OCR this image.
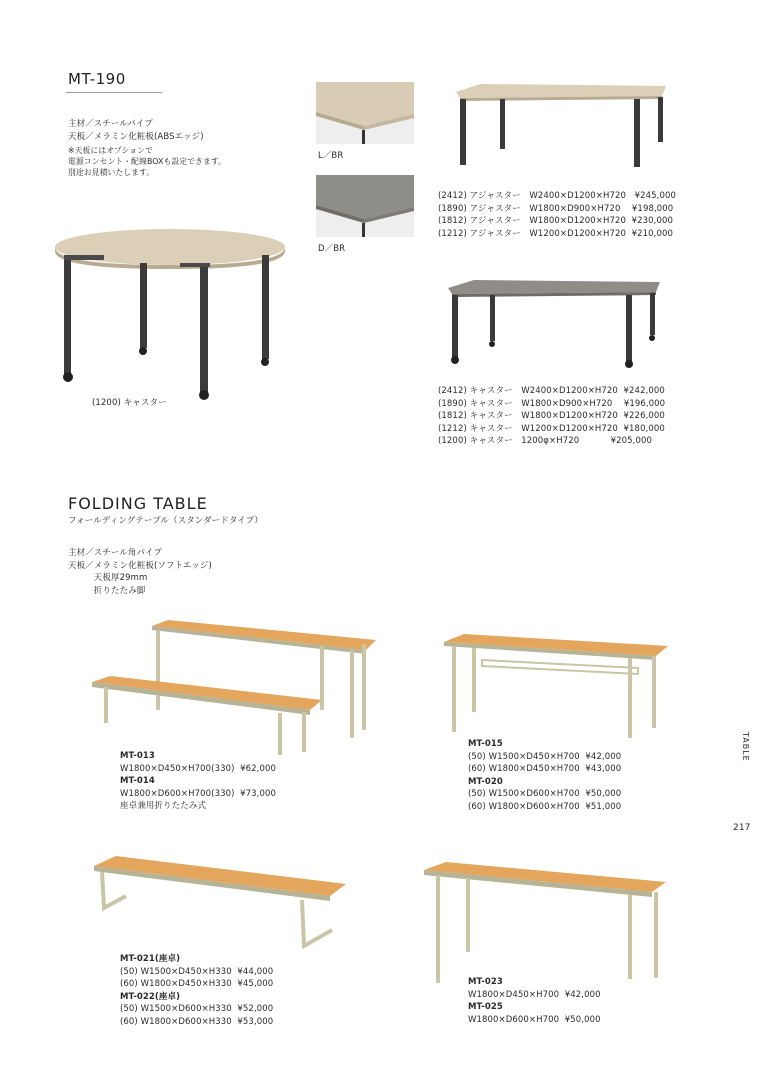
MT-190
主材／スチールパイプ
天板／メラミン化粧板(ABSエッジ)
※天板にはオプションで
電源コンセント・配線BOXも設定できます。
別途お見積いたします。
(1200) キャスター
L／BR
D／BR
(2412) アジャスター　W2400×D1200×H720　¥245,000
(1890) アジャスター　W1800×D900×H720　 ¥198,000
(1812) アジャスター　W1800×D1200×H720  ¥230,000
(1212) アジャスター　W1200×D1200×H720  ¥210,000
(2412) キャスター　W2400×D1200×H720  ¥242,000
(1890) キャスター　W1800×D900×H720　 ¥196,000
(1812) キャスター　W1800×D1200×H720  ¥226,000
(1212) キャスター　W1200×D1200×H720  ¥180,000
(1200) キャスター　1200φ×H720　　　  ¥205,000
FOLDING TABLE
フォールディングテーブル（スタンダードタイプ）
主材／スチール角パイプ
天板／メラミン化粧板(ソフトエッジ)
　　　天板厚29mm
　　　折りたたみ脚
MT-013
W1800×D450×H700(330)  ¥62,000
MT-014
W1800×D600×H700(330)  ¥73,000
座卓兼用折りたたみ式
MT-015
(50) W1500×D450×H700  ¥42,000
(60) W1800×D450×H700  ¥43,000
MT-020
(50) W1500×D600×H700  ¥50,000
(60) W1800×D600×H700  ¥51,000
MT-021(座卓)
(50) W1500×D450×H330  ¥44,000
(60) W1800×D450×H330  ¥45,000
MT-022(座卓)
(50) W1500×D600×H330  ¥52,000
(60) W1800×D600×H330  ¥53,000
MT-023
W1800×D450×H700  ¥42,000
MT-025
W1800×D600×H700  ¥50,000
TABLE
217
